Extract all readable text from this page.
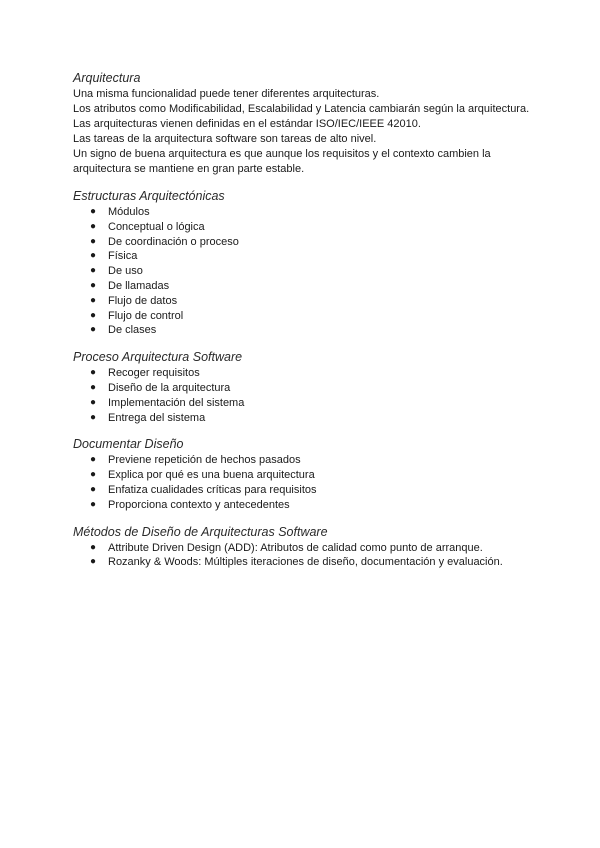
Arquitectura

Una misma funcionalidad puede tener diferentes arquitecturas.

Los atributos como Modificabilidad, Escalabilidad y Latencia cambiarán según la arquitectura.

Las arquitecturas vienen definidas en el estándar ISO/IEC/IEEE 42010.

Las tareas de la arquitectura software son tareas de alto nivel.

Un signo de buena arquitectura es que aunque los requisitos y el contexto cambien la arquitectura se mantiene en gran parte estable.

Estructuras Arquitectónicas
● Módulos
● Conceptual o lógica
● De coordinación o proceso
● Física
● De uso
● De llamadas
● Flujo de datos
● Flujo de control
● De clases
Proceso Arquitectura Software
● Recoger requisitos
● Diseño de la arquitectura
● Implementación del sistema
● Entrega del sistema
Documentar Diseño
● Previene repetición de hechos pasados
● Explica por qué es una buena arquitectura
● Enfatiza cualidades críticas para requisitos
● Proporciona contexto y antecedentes
Métodos de Diseño de Arquitecturas Software
● Attribute Driven Design (ADD): Atributos de calidad como punto de arranque.
● Rozanky & Woods: Múltiples iteraciones de diseño, documentación y evaluación.
